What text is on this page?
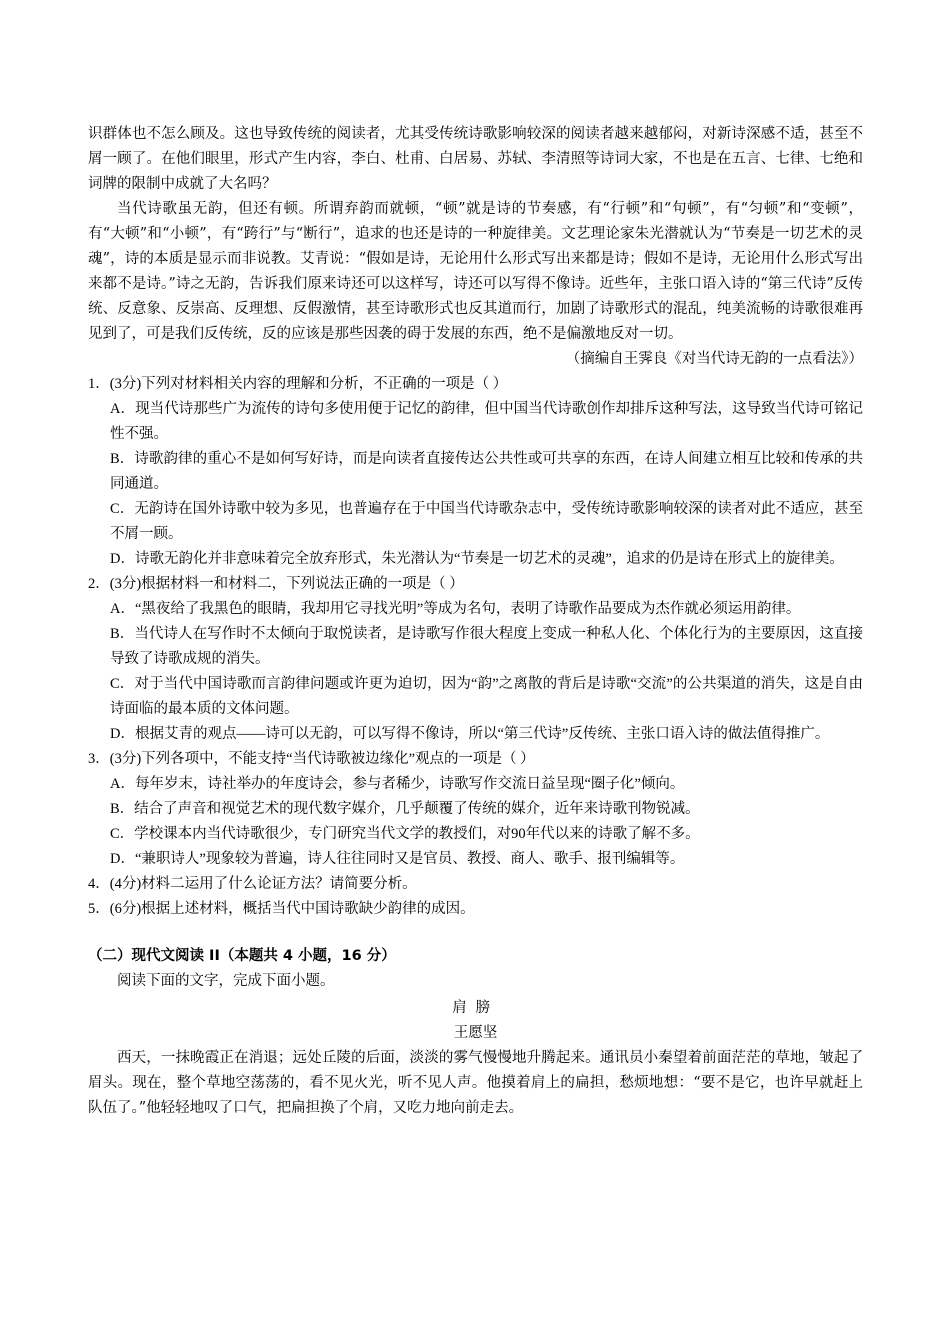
识群体也不怎么顾及。这也导致传统的阅读者，尤其受传统诗歌影响较深的阅读者越来越郁闷，对新诗深感不适，甚至不屑一顾了。在他们眼里，形式产生内容，李白、杜甫、白居易、苏轼、李清照等诗词大家，不也是在五言、七律、七绝和词牌的限制中成就了大名吗？

当代诗歌虽无韵，但还有顿。所谓弃韵而就顿，“顿”就是诗的节奏感，有“行顿”和“句顿”，有“匀顿”和“变顿”，有“大顿”和“小顿”，有“跨行”与“断行”，追求的也还是诗的一种旋律美。文艺理论家朱光潜就认为“节奏是一切艺术的灵魂”，诗的本质是显示而非说教。艾青说：“假如是诗，无论用什么形式写出来都是诗；假如不是诗，无论用什么形式写出来都不是诗。”诗之无韵，告诉我们原来诗还可以这样写，诗还可以写得不像诗。近些年，主张口语入诗的“第三代诗”反传统、反意象、反崇高、反理想、反假激情，甚至诗歌形式也反其道而行，加剧了诗歌形式的混乱，纯美流畅的诗歌很难再见到了，可是我们反传统，反的应该是那些因袭的碍于发展的东西，绝不是偏激地反对一切。

（摘编自王霁良《对当代诗无韵的一点看法》）

1．(3分)下列对材料相关内容的理解和分析，不正确的一项是（ ）

A．现当代诗那些广为流传的诗句多使用便于记忆的韵律，但中国当代诗歌创作却排斥这种写法，这导致当代诗可铭记性不强。
B．诗歌韵律的重心不是如何写好诗，而是向读者直接传达公共性或可共享的东西，在诗人间建立相互比较和传承的共同通道。
C．无韵诗在国外诗歌中较为多见，也普遍存在于中国当代诗歌杂志中，受传统诗歌影响较深的读者对此不适应，甚至不屑一顾。
D．诗歌无韵化并非意味着完全放弃形式，朱光潜认为“节奏是一切艺术的灵魂”，追求的仍是诗在形式上的旋律美。

2．(3分)根据材料一和材料二，下列说法正确的一项是（ ）

A．“黑夜给了我黑色的眼睛，我却用它寻找光明”等成为名句，表明了诗歌作品要成为杰作就必须运用韵律。
B．当代诗人在写作时不太倾向于取悦读者，是诗歌写作很大程度上变成一种私人化、个体化行为的主要原因，这直接导致了诗歌成规的消失。
C．对于当代中国诗歌而言韵律问题或许更为迫切，因为“韵”之离散的背后是诗歌“交流”的公共渠道的消失，这是自由诗面临的最本质的文体问题。
D．根据艾青的观点——诗可以无韵，可以写得不像诗，所以“第三代诗”反传统、主张口语入诗的做法值得推广。

3．(3分)下列各项中，不能支持“当代诗歌被边缘化”观点的一项是（ ）

A．每年岁末，诗社举办的年度诗会，参与者稀少，诗歌写作交流日益呈现“圈子化”倾向。
B．结合了声音和视觉艺术的现代数字媒介，几乎颠覆了传统的媒介，近年来诗歌刊物锐减。
C．学校课本内当代诗歌很少，专门研究当代文学的教授们，对90年代以来的诗歌了解不多。
D．“兼职诗人”现象较为普遍，诗人往往同时又是官员、教授、商人、歌手、报刊编辑等。

4．(4分)材料二运用了什么论证方法？请简要分析。

5．(6分)根据上述材料，概括当代中国诗歌缺少韵律的成因。

（二）现代文阅读 II（本题共 4 小题，16 分）

阅读下面的文字，完成下面小题。

肩膀

王愿坚

西天，一抹晚霞正在消退；远处丘陵的后面，淡淡的雾气慢慢地升腾起来。通讯员小秦望着前面茫茫的草地，皱起了眉头。现在，整个草地空荡荡的，看不见火光，听不见人声。他摸着肩上的扁担，愁烦地想：“要不是它，也许早就赶上队伍了。”他轻轻地叹了口气，把扁担换了个肩，又吃力地向前走去。
